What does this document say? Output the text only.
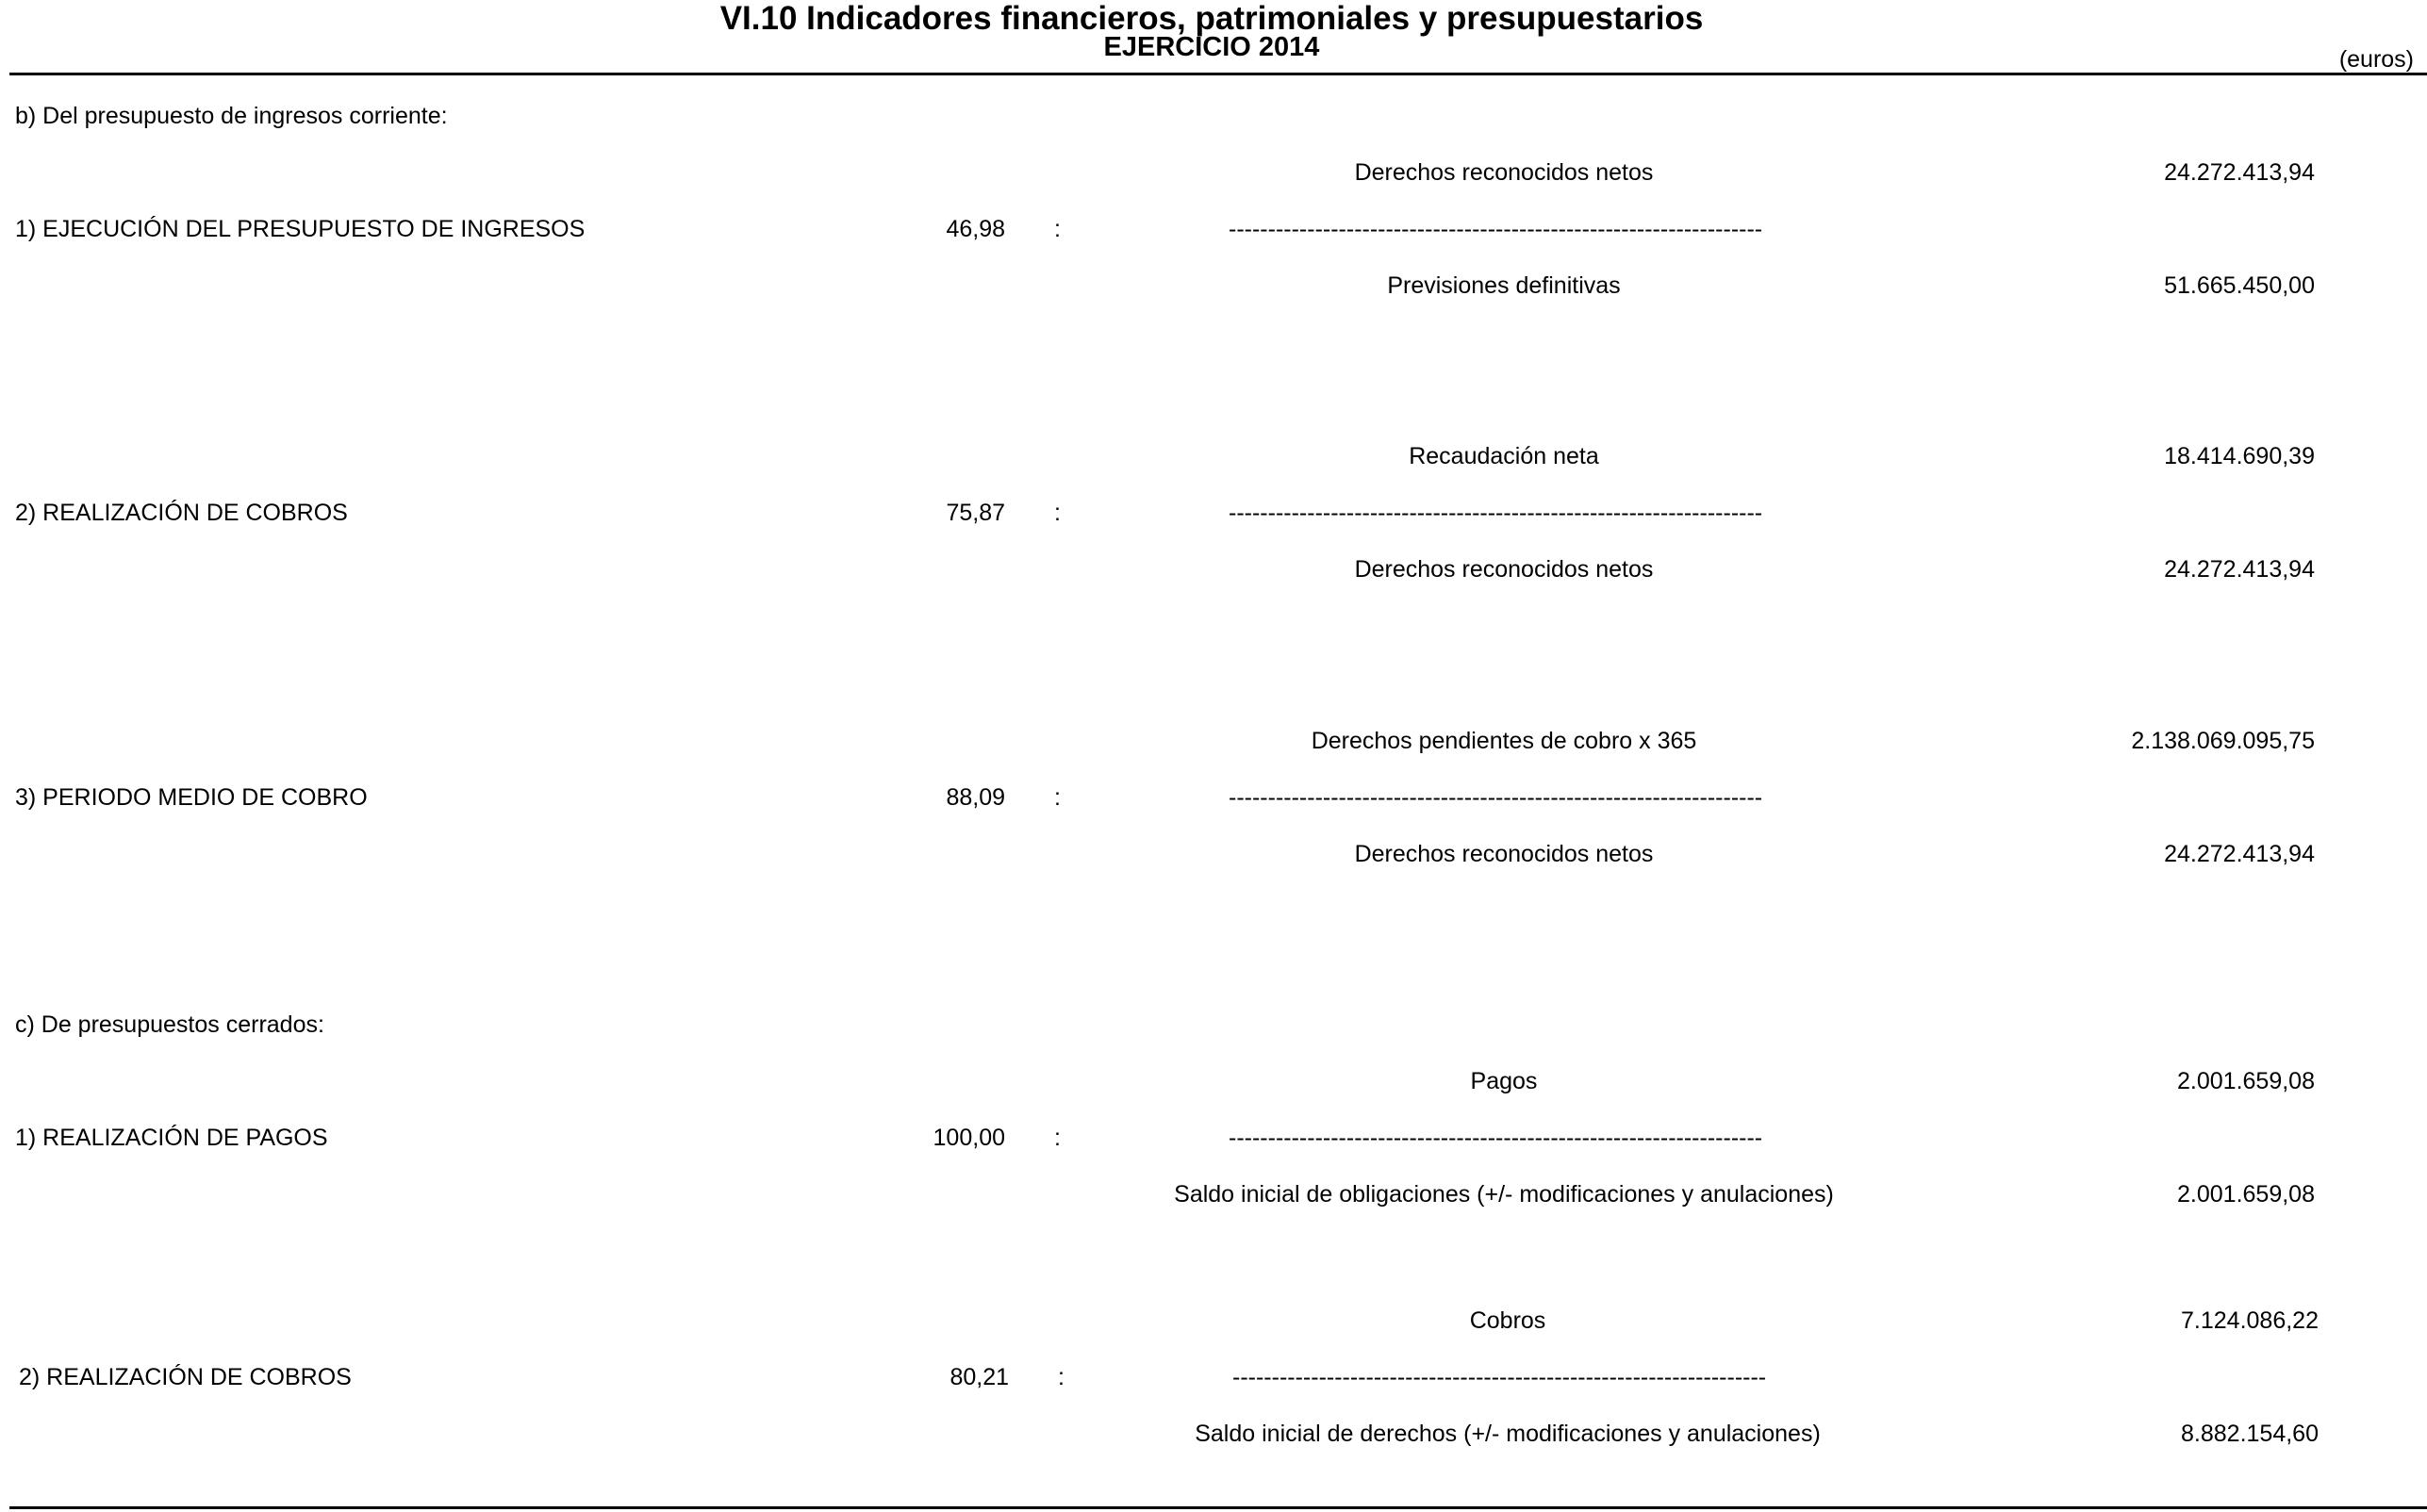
VI.10 Indicadores financieros, patrimoniales y presupuestarios
EJERCICIO 2014	(euros)
b) Del presupuesto de ingresos corriente:
Derechos reconocidos netos	24.272.413,94
1) EJECUCIÓN DEL PRESUPUESTO DE INGRESOS	46,98 :	--------------------------------------------------------------------
Previsiones definitivas	51.665.450,00
Recaudación neta	18.414.690,39
2) REALIZACIÓN DE COBROS	75,87 :	--------------------------------------------------------------------
Derechos reconocidos netos	24.272.413,94
Derechos pendientes de cobro x 365	2.138.069.095,75
3) PERIODO MEDIO DE COBRO	88,09 :	--------------------------------------------------------------------
Derechos reconocidos netos	24.272.413,94
c) De presupuestos cerrados:
Pagos	2.001.659,08
1) REALIZACIÓN DE PAGOS	100,00 :	--------------------------------------------------------------------
Saldo inicial de obligaciones (+/- modificaciones y anulaciones)	2.001.659,08
Cobros	7.124.086,22
2) REALIZACIÓN DE COBROS	80,21 :	--------------------------------------------------------------------
Saldo inicial de derechos (+/- modificaciones y anulaciones)	8.882.154,60
